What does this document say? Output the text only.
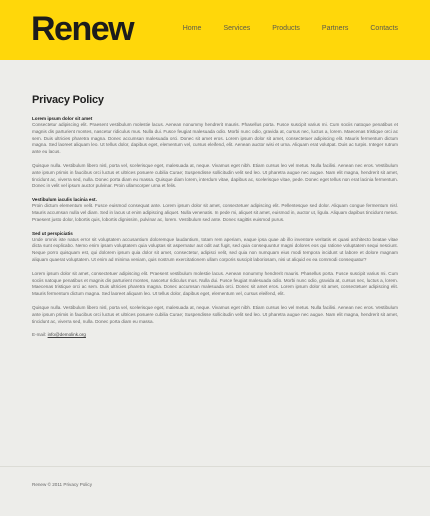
Renew	Home	Services	Products	Partners	Contacts
Privacy Policy
Lorem ipsum dolor sit amet

Consectetur adipiscing elit. Praesent vestibulum molestie lacus. Aenean nonummy hendrerit mauris. Phasellus porta. Fusce suscipit varius mi. Cum sociis natoque penatibus et magnis dis parturient montes, nascetur ridiculus mus. Nulla dui. Fusce feugiat malesuada odio. Morbi nunc odio, gravida at, cursus nec, luctus a, lorem. Maecenas tristique orci ac sem. Duis ultricies pharetra magna. Donec accumsan malesuada orci. Donec sit amet eros. Lorem ipsum dolor sit amet, consectetuer adipiscing elit. Mauris fermentum dictum magna. Sed laoreet aliquam leo. Ut tellus dolor, dapibus eget, elementum vel, cursus eleifend, elit. Aenean auctor wisi et urna. Aliquam erat volutpat. Duis ac turpis. Integer rutrum ante eu lacus.

Quisque nulla. Vestibulum libero nisl, porta vel, scelerisque eget, malesuada at, neque. Vivamus eget nibh. Etiam cursus leo vel metus. Nulla facilisi. Aenean nec eros. Vestibulum ante ipsum primis in faucibus orci luctus et ultrices posuere cubilia Curae; Suspendisse sollicitudin velit sed leo. Ut pharetra augue nec augue. Nam elit magna, hendrerit sit amet, tincidunt ac, viverra sed, nulla. Donec porta diam eu massa. Quisque diam lorem, interdum vitae, dapibus ac, scelerisque vitae, pede. Donec eget tellus non erat lacinia fermentum. Donec in velit vel ipsum auctor pulvinar. Proin ullamcorper urna et felis.

Vestibulum iaculis lacinia est.

Proin dictum elementum velit. Fusce euismod consequat ante. Lorem ipsum dolor sit amet, consectetuer adipiscing elit. Pellentesque sed dolor. Aliquam congue fermentum nisl. Mauris accumsan nulla vel diam. Sed in lacus ut enim adipiscing aliquet. Nulla venenatis. In pede mi, aliquet sit amet, euismod in, auctor ut, ligula. Aliquam dapibus tincidunt metus. Praesent justo dolor, lobortis quis, lobortis dignissim, pulvinar ac, lorem. Vestibulum sed ante. Donec sagittis euismod purus.

Sed ut perspiciatis

Unde omnis iste natus error sit voluptatem accusantium doloremque laudantium, totam rem aperiam, eaque ipsa quae ab illo inventore veritatis et quasi architecto beatae vitae dicta sunt explicabo. Nemo enim ipsam voluptatem quia voluptas sit aspernatur aut odit aut fugit, sed quia consequuntur magni dolores eos qui ratione voluptatem sequi nesciunt. Neque porro quisquam est, qui dolorem ipsum quia dolor sit amet, consectetur, adipisci velit, sed quia non numquam eius modi tempora incidunt ut labore et dolore magnam aliquam quaerat voluptatem. Ut enim ad minima veniam, quis nostrum exercitationem ullam corporis suscipit laboriosam, nisi ut aliquid ex ea commodi consequatur?

Lorem ipsum dolor sit amet, consectetuer adipiscing elit. Praesent vestibulum molestie lacus. Aenean nonummy hendrerit mauris. Phasellus porta. Fusce suscipit varius mi. Cum sociis natoque penatibus et magnis dis parturient montes, nascetur ridiculus mus. Nulla dui. Fusce feugiat malesuada odio. Morbi nunc odio, gravida at, cursus nec, luctus a, lorem. Maecenas tristique orci ac sem. Duis ultricies pharetra magna. Donec accumsan malesuada orci. Donec sit amet eros. Lorem ipsum dolor sit amet, consectetuer adipiscing elit. Mauris fermentum dictum magna. Sed laoreet aliquam leo. Ut tellus dolor, dapibus eget, elementum vel, cursus eleifend, elit.

Quisque nulla. Vestibulum libero nisl, porta vel, scelerisque eget, malesuada at, neque. Vivamus eget nibh. Etiam cursus leo vel metus. Nulla facilisi. Aenean nec eros. Vestibulum ante ipsum primis in faucibus orci luctus et ultrices posuere cubilia Curae; Suspendisse sollicitudin velit sed leo. Ut pharetra augue nec augue. Nam elit magna, hendrerit sit amet, tincidunt ac, viverra sed, nulla. Donec porta diam eu massa.

E-mail: info@demolink.org
Renew © 2011 Privacy Policy
